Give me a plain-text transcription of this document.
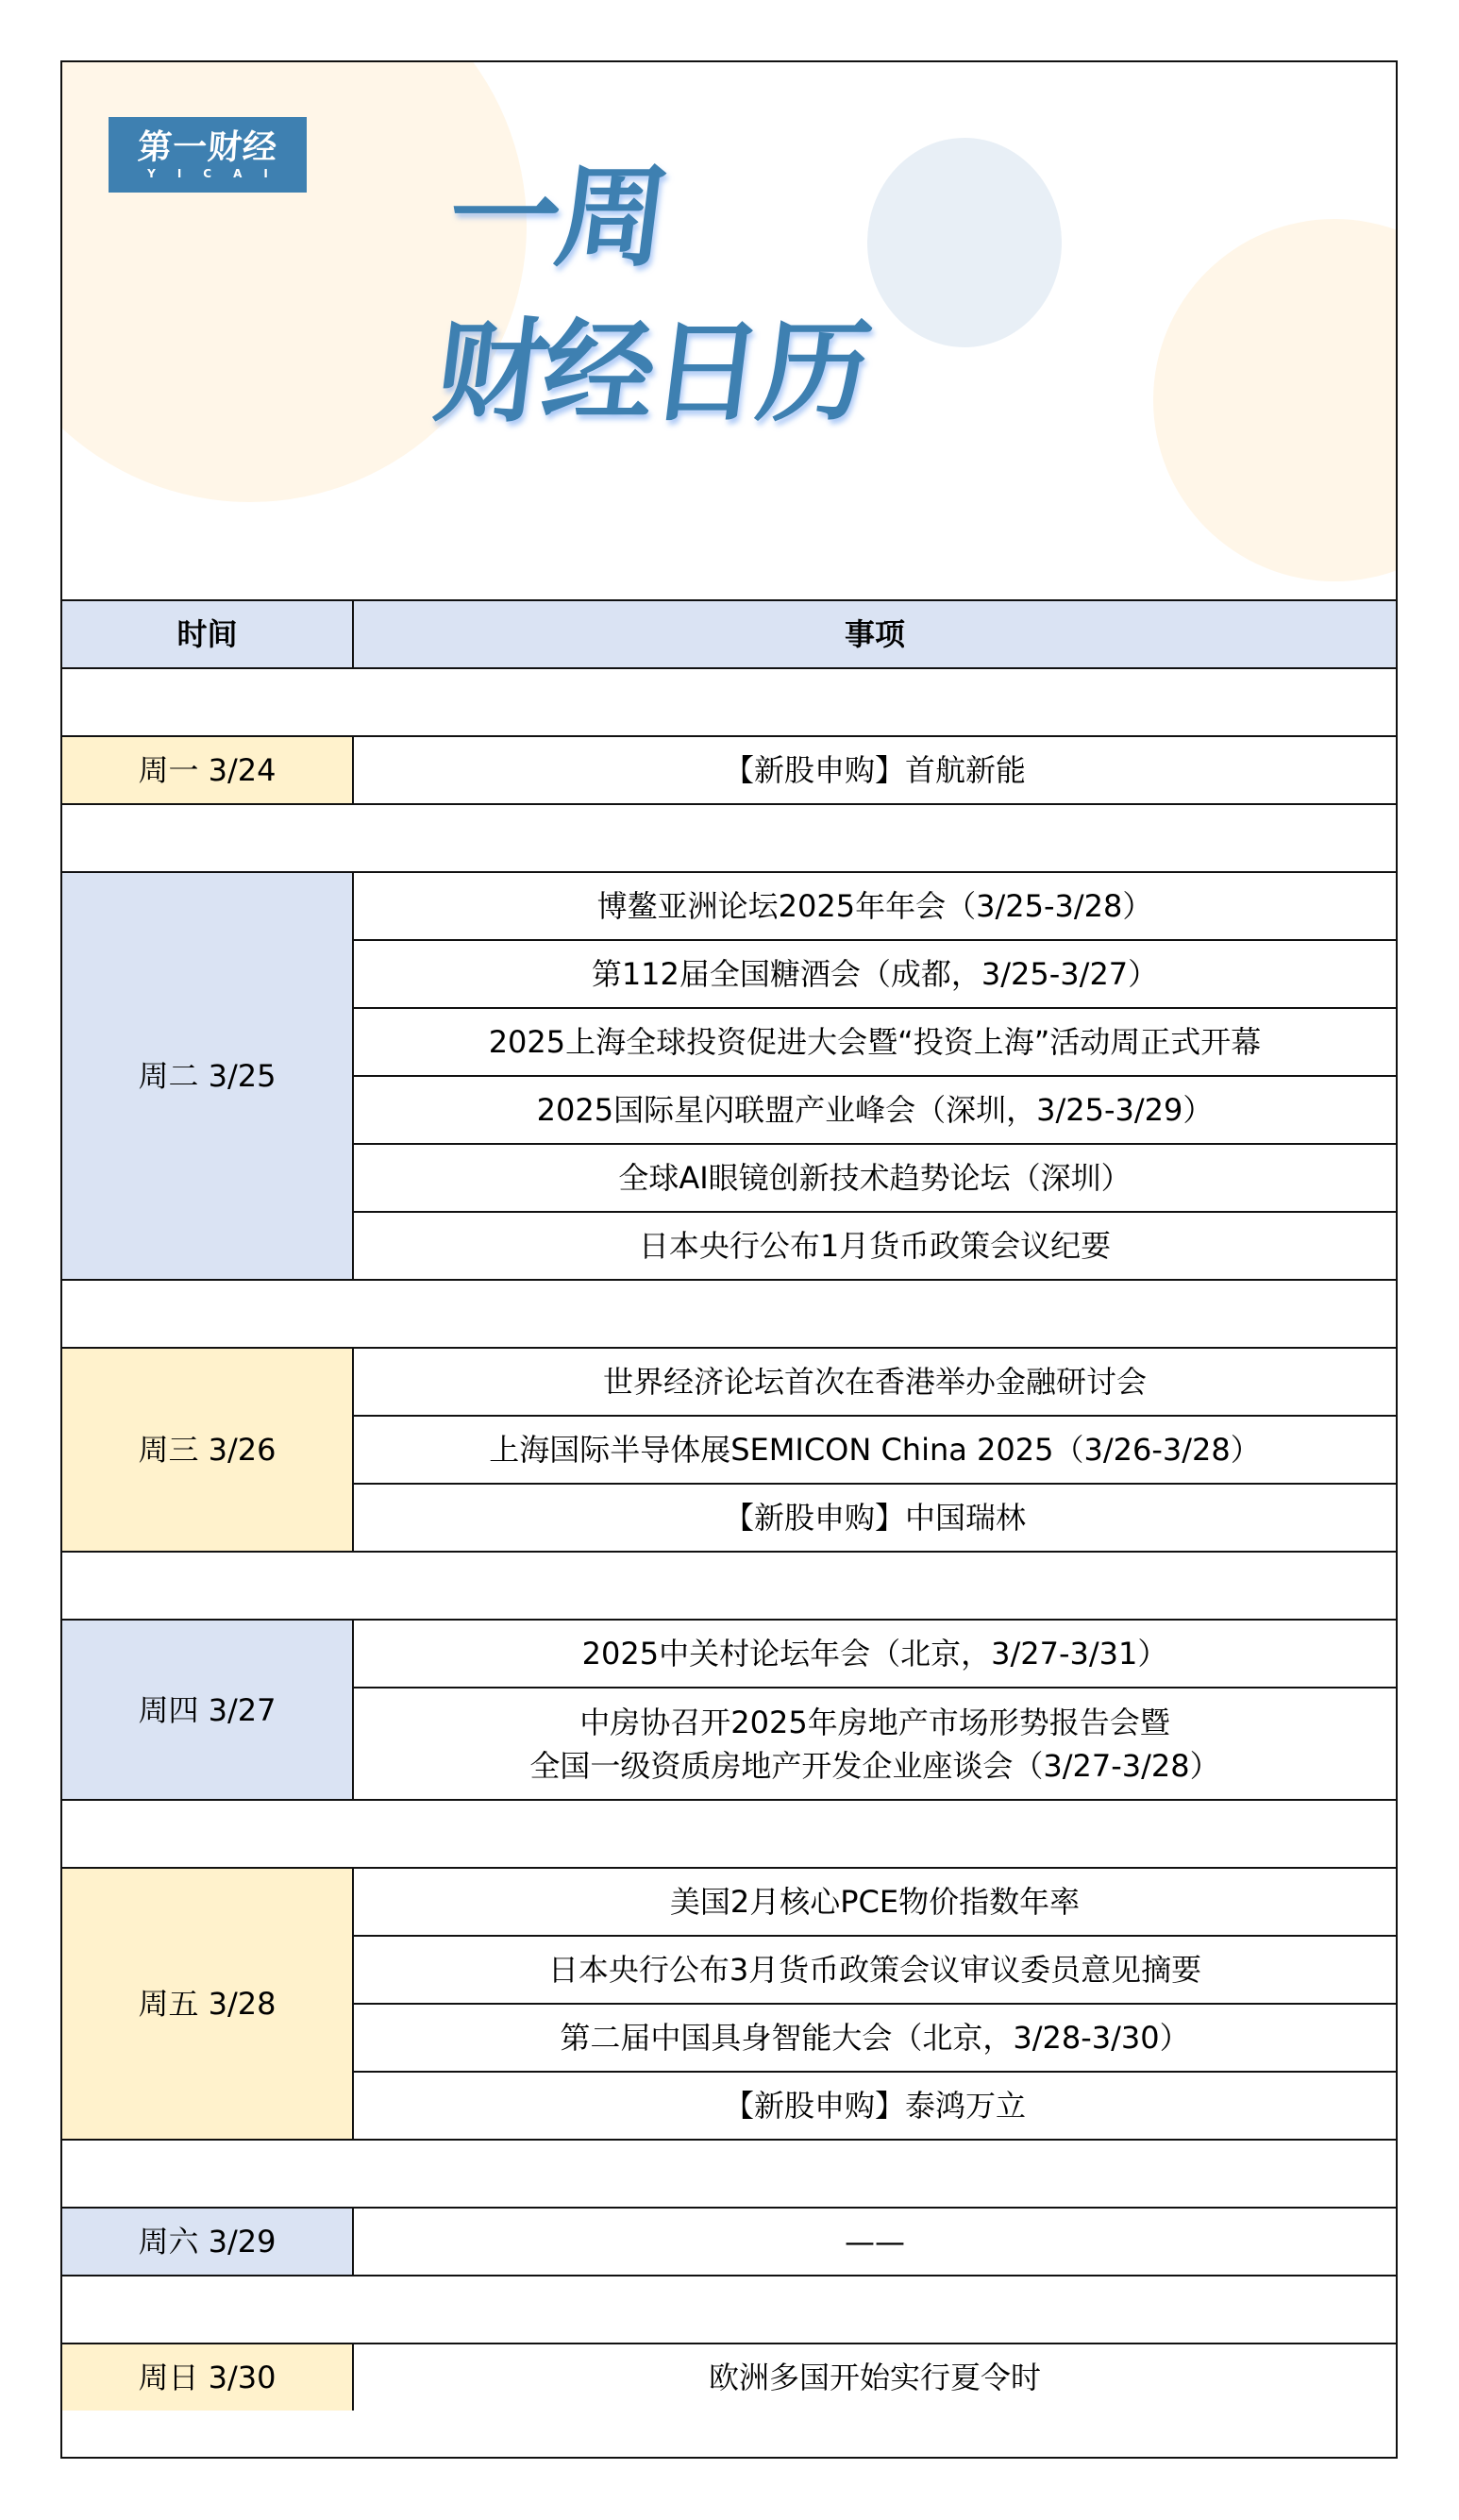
第一财经
YICAI 一周
财经日历
时间	事项

周一 3/24	【新股申购】首航新能

周二 3/25	博鳌亚洲论坛2025年年会（3/25-3/28）
	第112届全国糖酒会（成都，3/25-3/27）
	2025上海全球投资促进大会暨“投资上海”活动周正式开幕
	2025国际星闪联盟产业峰会（深圳，3/25-3/29）
	全球AI眼镜创新技术趋势论坛（深圳）
	日本央行公布1月货币政策会议纪要

周三 3/26	世界经济论坛首次在香港举办金融研讨会
	上海国际半导体展SEMICON China 2025（3/26-3/28）
	【新股申购】中国瑞林

周四 3/27	2025中关村论坛年会（北京，3/27-3/31）

	中房协召开2025年房地产市场形势报告会暨
全国一级资质房地产开发企业座谈会（3/27-3/28）

周五 3/28	美国2月核心PCE物价指数年率
	日本央行公布3月货币政策会议审议委员意见摘要
	第二届中国具身智能大会（北京，3/28-3/30）
	【新股申购】泰鸿万立

周六 3/29	——

周日 3/30	欧洲多国开始实行夏令时
